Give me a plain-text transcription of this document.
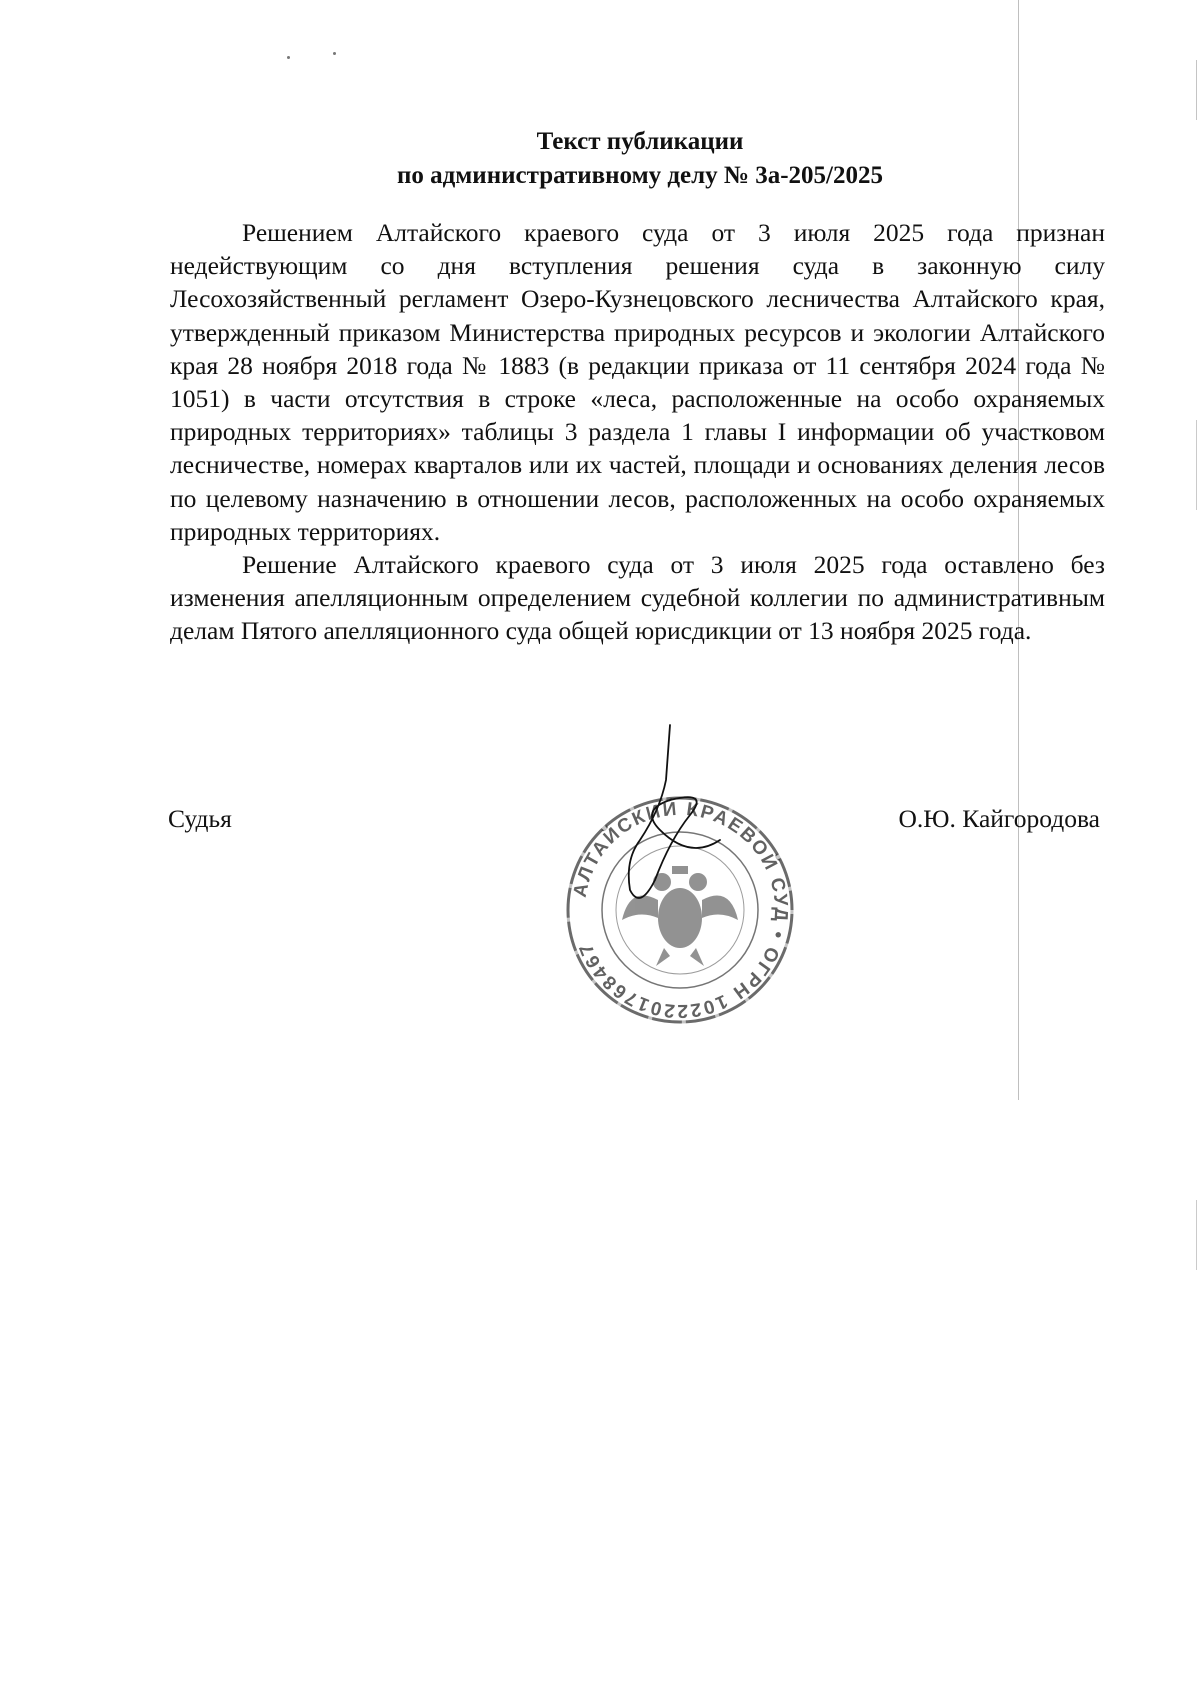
Текст публикации
по административному делу № 3а-205/2025

Решением Алтайского краевого суда от 3 июля 2025 года признан недействующим со дня вступления решения суда в законную силу Лесохозяйственный регламент Озеро-Кузнецовского лесничества Алтайского края, утвержденный приказом Министерства природных ресурсов и экологии Алтайского края 28 ноября 2018 года № 1883 (в редакции приказа от 11 сентября 2024 года № 1051) в части отсутствия в строке «леса, расположенные на особо охраняемых природных территориях» таблицы 3 раздела 1 главы I информации об участковом лесничестве, номерах кварталов или их частей, площади и основаниях деления лесов по целевому назначению в отношении лесов, расположенных на особо охраняемых природных территориях.

Решение Алтайского краевого суда от 3 июля 2025 года оставлено без изменения апелляционным определением судебной коллегии по административным делам Пятого апелляционного суда общей юрисдикции от 13 ноября 2025 года.

АЛТАЙСКИЙ КРАЕВОЙ СУД • ОГРН 1022201768467
Судья	О.Ю. Кайгородова
